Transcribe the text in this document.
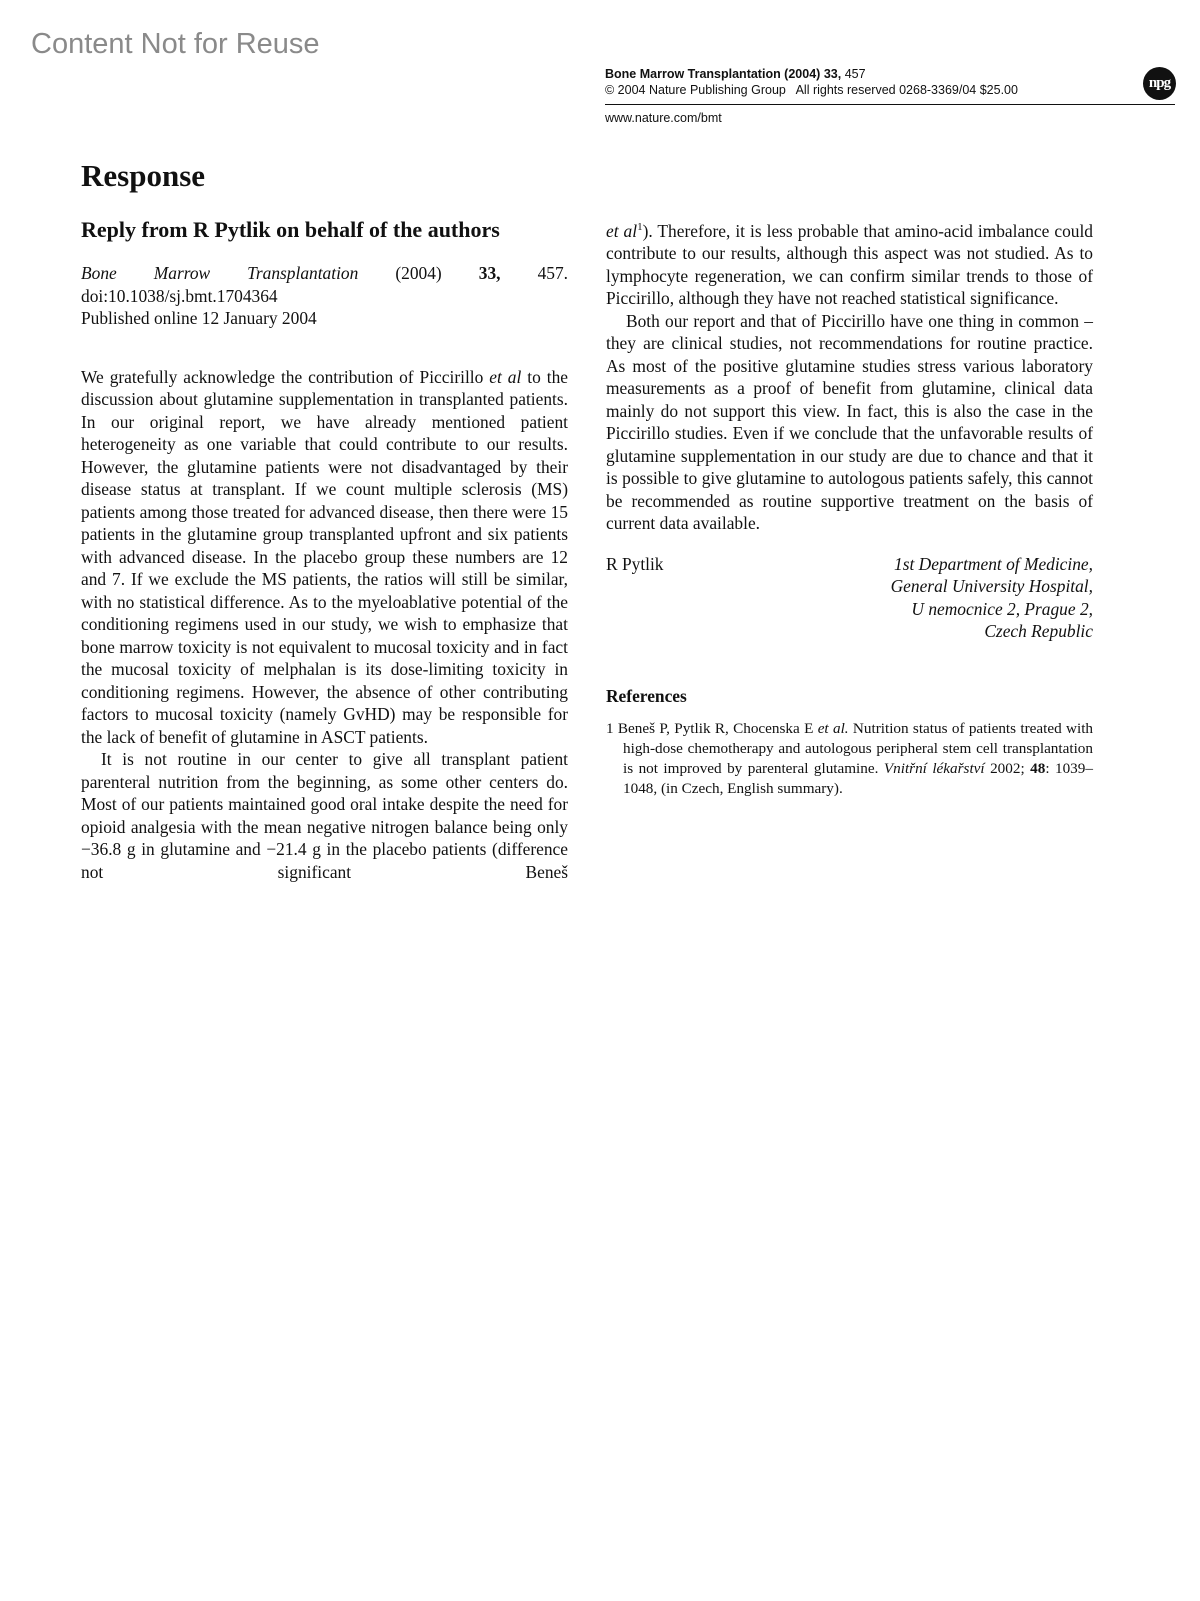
Content Not for Reuse
Bone Marrow Transplantation (2004) 33, 457
© 2004 Nature Publishing Group   All rights reserved 0268-3369/04 $25.00
www.nature.com/bmt
npg
Response
Reply from R Pytlik on behalf of the authors
Bone Marrow Transplantation (2004) 33, 457.
doi:10.1038/sj.bmt.1704364
Published online 12 January 2004

We gratefully acknowledge the contribution of Piccirillo et al to the discussion about glutamine supplementation in transplanted patients. In our original report, we have already mentioned patient heterogeneity as one variable that could contribute to our results. However, the glutamine patients were not disadvantaged by their disease status at transplant. If we count multiple sclerosis (MS) patients among those treated for advanced disease, then there were 15 patients in the glutamine group transplanted upfront and six patients with advanced disease. In the placebo group these numbers are 12 and 7. If we exclude the MS patients, the ratios will still be similar, with no statistical difference. As to the myeloablative potential of the conditioning regimens used in our study, we wish to emphasize that bone marrow toxicity is not equivalent to mucosal toxicity and in fact the mucosal toxicity of melphalan is its dose-limiting toxicity in conditioning regimens. However, the absence of other contributing factors to mucosal toxicity (namely GvHD) may be responsible for the lack of benefit of glutamine in ASCT patients.

It is not routine in our center to give all transplant patient parenteral nutrition from the beginning, as some other centers do. Most of our patients maintained good oral intake despite the need for opioid analgesia with the mean negative nitrogen balance being only −36.8 g in glutamine and −21.4 g in the placebo patients (difference not significant Beneš

et $al^1$). Therefore, it is less probable that amino-acid imbalance could contribute to our results, although this aspect was not studied. As to lymphocyte regeneration, we can confirm similar trends to those of Piccirillo, although they have not reached statistical significance.

Both our report and that of Piccirillo have one thing in common – they are clinical studies, not recommendations for routine practice. As most of the positive glutamine studies stress various laboratory measurements as a proof of benefit from glutamine, clinical data mainly do not support this view. In fact, this is also the case in the Piccirillo studies. Even if we conclude that the unfavorable results of glutamine supplementation in our study are due to chance and that it is possible to give glutamine to autologous patients safely, this cannot be recommended as routine supportive treatment on the basis of current data available.

R Pytlik	1st Department of Medicine,
General University Hospital,
U nemocnice 2, Prague 2,
Czech Republic

References

1 Beneš P, Pytlik R, Chocenska E et al. Nutrition status of patients treated with high-dose chemotherapy and autologous peripheral stem cell transplantation is not improved by parenteral glutamine. Vnitřní lékařství 2002; 48: 1039–1048, (in Czech, English summary).
